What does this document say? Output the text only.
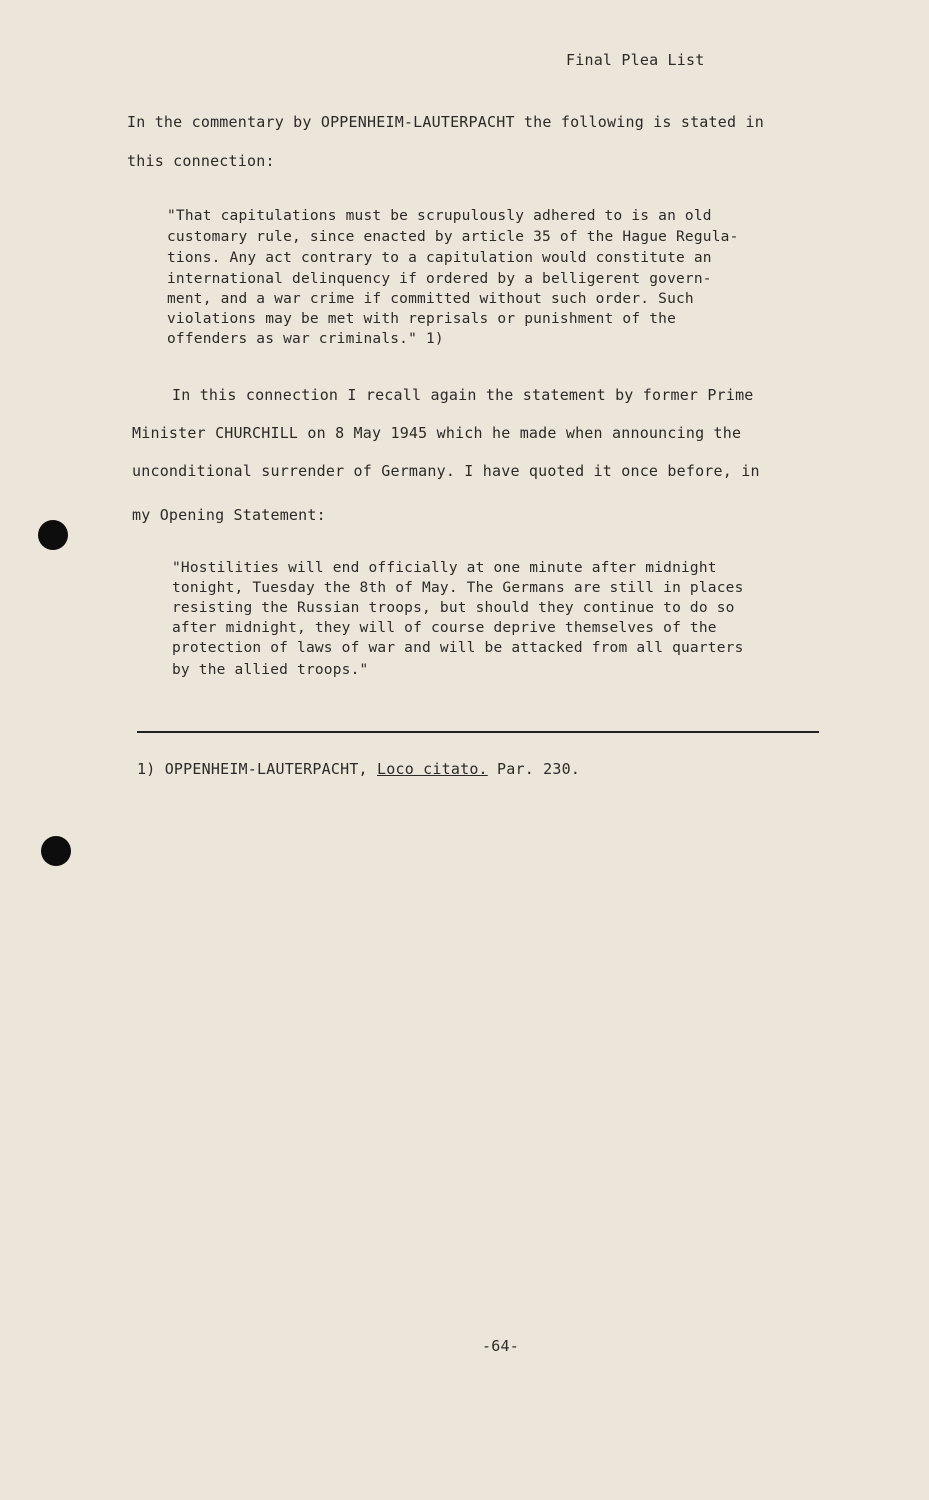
Final Plea List
In the commentary by OPPENHEIM-LAUTERPACHT the following is stated in
this connection:
"That capitulations must be scrupulously adhered to is an old
customary rule, since enacted by article 35 of the Hague Regula-
tions. Any act contrary to a capitulation would constitute an
international delinquency if ordered by a belligerent govern-
ment, and a war crime if committed without such order. Such
violations may be met with reprisals or punishment of the
offenders as war criminals." 1)
In this connection I recall again the statement by former Prime
Minister CHURCHILL on 8 May 1945 which he made when announcing the
unconditional surrender of Germany. I have quoted it once before, in
my Opening Statement:
"Hostilities will end officially at one minute after midnight
tonight, Tuesday the 8th of May. The Germans are still in places
resisting the Russian troops, but should they continue to do so
after midnight, they will of course deprive themselves of the
protection of laws of war and will be attacked from all quarters
by the allied troops."
1) OPPENHEIM-LAUTERPACHT, Loco citato. Par. 230.
-64-
